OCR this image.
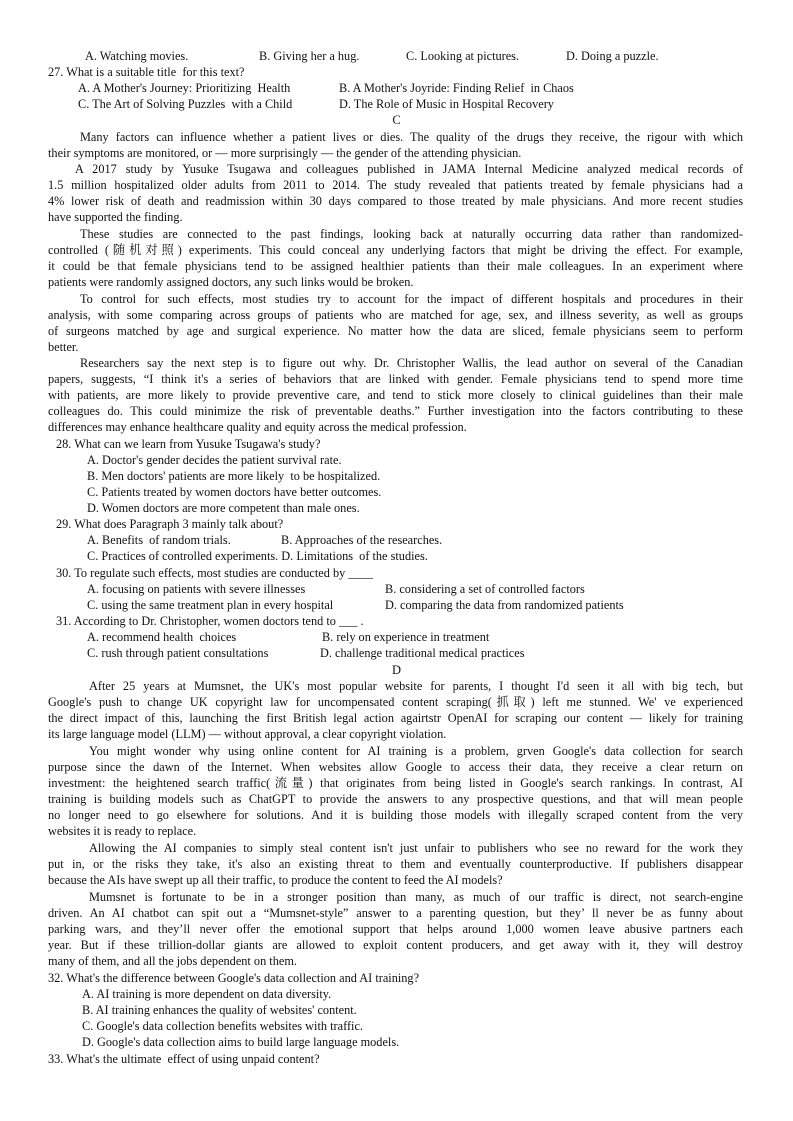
A. Watching movies.	B. Giving her a hug.	C. Looking at pictures.	D. Doing a puzzle.
27. What is a suitable title  for this text?
A. A Mother's Journey: Prioritizing  Health	B. A Mother's Joyride: Finding Relief  in Chaos
C. The Art of Solving Puzzles  with a Child	D. The Role of Music in Hospital Recovery
C
Many factors can influence whether a patient lives or dies. The quality of the drugs they receive, the rigour with which
their symptoms are monitored, or — more surprisingly — the gender of the attending physician.
A 2017 study by Yusuke Tsugawa and colleagues published in JAMA Internal Medicine analyzed medical records of
1.5 million hospitalized older adults from 2011 to 2014. The study revealed that patients treated by female physicians had a
4% lower risk of death and readmission within 30 days compared to those treated by male physicians. And more recent studies
have supported the finding.
These studies are connected to the past findings, looking back at naturally occurring data rather than randomized-
controlled (随机对照) experiments. This could conceal any underlying factors that might be driving the effect. For example,
it could be that female physicians tend to be assigned healthier patients than their male colleagues. In an experiment where
patients were randomly assigned doctors, any such links would be broken.
To control for such effects, most studies try to account for the impact of different hospitals and procedures in their
analysis, with some comparing across groups of patients who are matched for age, sex, and illness severity, as well as groups
of surgeons matched by age and surgical experience. No matter how the data are sliced, female physicians seem to perform
better.
Researchers say the next step is to figure out why. Dr. Christopher Wallis, the lead author on several of the Canadian
papers, suggests, “I think it's a series of behaviors that are linked with gender. Female physicians tend to spend more time
with patients, are more likely to provide preventive care, and tend to stick more closely to clinical guidelines than their male
colleagues do. This could minimize the risk of preventable deaths.” Further investigation into the factors contributing to these
differences may enhance healthcare quality and equity across the medical profession.
28. What can we learn from Yusuke Tsugawa's study?
A. Doctor's gender decides the patient survival rate.
B. Men doctors' patients are more likely  to be hospitalized.
C. Patients treated by women doctors have better outcomes.
D. Women doctors are more competent than male ones.
29. What does Paragraph 3 mainly talk about?
A. Benefits  of random trials.	B. Approaches of the researches.
C. Practices of controlled experiments. D. Limitations  of the studies.
30. To regulate such effects, most studies are conducted by ____
A. focusing on patients with severe illnesses	B. considering a set of controlled factors
C. using the same treatment plan in every hospital	D. comparing the data from randomized patients
31. According to Dr. Christopher, women doctors tend to ___ .
A. recommend health  choices	B. rely on experience in treatment
C. rush through patient consultations	D. challenge traditional medical practices
D
After 25 years at Mumsnet, the UK's most popular website for parents, I thought I'd seen it all with big tech, but
Google's push to change UK copyright law for uncompensated content scraping(抓取) left me stunned. We' ve experienced
the direct impact of this, launching the first British legal action agairtstr OpenAI for scraping our content — likely for training
its large language model (LLM) — without approval, a clear copyright violation.
You might wonder why using online content for AI training is a problem, grven Google's data collection for search
purpose since the dawn of the Internet. When websites allow Google to access their data, they receive a clear return on
investment: the heightened search traffic(流量) that originates from being listed in Google's search rankings. In contrast, AI
training is building models such as ChatGPT to provide the answers to any prospective questions, and that will mean people
no longer need to go elsewhere for solutions. And it is building those models with illegally scraped content from the very
websites it is ready to replace.
Allowing the AI companies to simply steal content isn't just unfair to publishers who see no reward for the work they
put in, or the risks they take, it's also an existing threat to them and eventually counterproductive. If publishers disappear
because the AIs have swept up all their traffic, to produce the content to feed the AI models?
Mumsnet is fortunate to be in a stronger position than many, as much of our traffic is direct, not search-engine
driven. An AI chatbot can spit out a “Mumsnet-style” answer to a parenting question, but they’ ll never be as funny about
parking wars, and they’ll never offer the emotional support that helps around 1,000 women leave abusive partners each
year. But if these trillion-dollar giants are allowed to exploit content producers, and get away with it, they will destroy
many of them, and all the jobs dependent on them.
32. What's the difference between Google's data collection and AI training?
A. AI training is more dependent on data diversity.
B. AI training enhances the quality of websites' content.
C. Google's data collection benefits websites with traffic.
D. Google's data collection aims to build large language models.
33. What's the ultimate  effect of using unpaid content?
